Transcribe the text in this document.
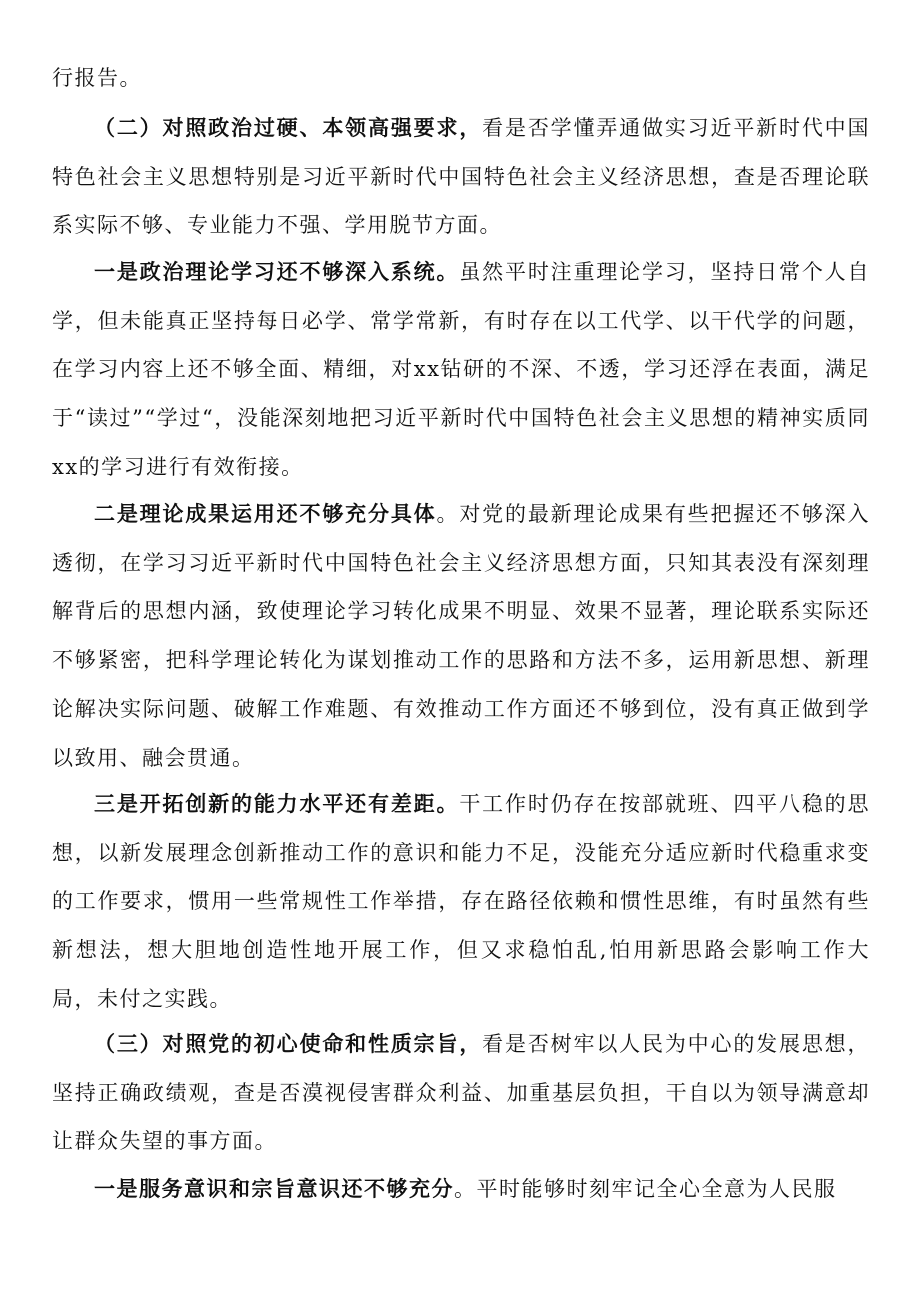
行报告。

（二）对照政治过硬、本领高强要求，看是否学懂弄通做实习近平新时代中国特色社会主义思想特别是习近平新时代中国特色社会主义经济思想，查是否理论联系实际不够、专业能力不强、学用脱节方面。

一是政治理论学习还不够深入系统。虽然平时注重理论学习，坚持日常个人自学，但未能真正坚持每日必学、常学常新，有时存在以工代学、以干代学的问题，在学习内容上还不够全面、精细，对xx钻研的不深、不透，学习还浮在表面，满足于“读过”“学过“，没能深刻地把习近平新时代中国特色社会主义思想的精神实质同xx的学习进行有效衔接。

二是理论成果运用还不够充分具体。对党的最新理论成果有些把握还不够深入透彻，在学习习近平新时代中国特色社会主义经济思想方面，只知其表没有深刻理解背后的思想内涵，致使理论学习转化成果不明显、效果不显著，理论联系实际还不够紧密，把科学理论转化为谋划推动工作的思路和方法不多，运用新思想、新理论解决实际问题、破解工作难题、有效推动工作方面还不够到位，没有真正做到学以致用、融会贯通。

三是开拓创新的能力水平还有差距。干工作时仍存在按部就班、四平八稳的思想，以新发展理念创新推动工作的意识和能力不足，没能充分适应新时代稳重求变的工作要求，惯用一些常规性工作举措，存在路径依赖和惯性思维，有时虽然有些新想法，想大胆地创造性地开展工作，但又求稳怕乱,怕用新思路会影响工作大局，未付之实践。

（三）对照党的初心使命和性质宗旨，看是否树牢以人民为中心的发展思想，坚持正确政绩观，查是否漠视侵害群众利益、加重基层负担，干自以为领导满意却让群众失望的事方面。

一是服务意识和宗旨意识还不够充分。平时能够时刻牢记全心全意为人民服
